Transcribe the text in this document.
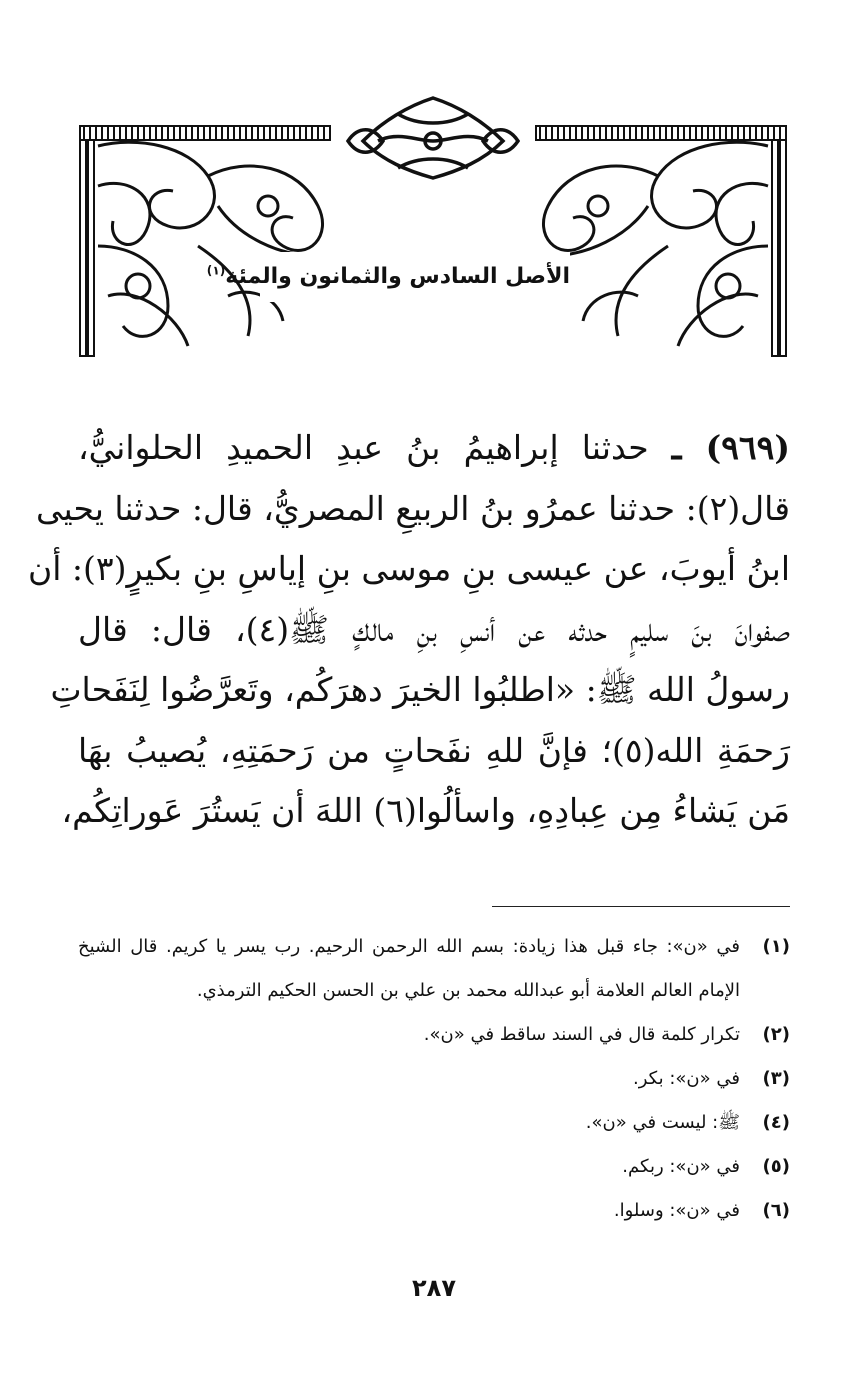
الأصل السادس والثمانون والمئة$^{(١)}$
(٩٦٩) ـ حدثنا إبراهيمُ بنُ عبدِ الحميدِ الحلوانيُّ،
قال(٢): حدثنا عمرُو بنُ الربيعِ المصريُّ، قال: حدثنا يحيى
ابنُ أيوبَ، عن عيسى بنِ موسى بنِ إياسِ بنِ بكيرٍ(٣): أن
صفوانَ بنَ سليمٍ حدثه عن أنسِ بنِ مالكٍ ﷺ(٤)، قال: قال
رسولُ الله ﷺ: «اطلبُوا الخيرَ دهرَكُم، وتَعرَّضُوا لِنَفَحاتِ
رَحمَةِ الله(٥)؛ فإنَّ للهِ نفَحاتٍ من رَحمَتِهِ، يُصيبُ بهَا
مَن يَشاءُ مِن عِبادِهِ، واسألُوا(٦) اللهَ أن يَستُرَ عَوراتِكُم،
(١)
في «ن»: جاء قبل هذا زيادة: بسم الله الرحمن الرحيم. رب يسر يا كريم. قال الشيخ الإمام العالم العلامة أبو عبدالله محمد بن علي بن الحسن الحكيم الترمذي.
(٢)
تكرار كلمة قال في السند ساقط في «ن».
(٣)
في «ن»: بكر.
(٤)
ﷺ: ليست في «ن».
(٥)
في «ن»: ربكم.
(٦)
في «ن»: وسلوا.
٢٨٧
